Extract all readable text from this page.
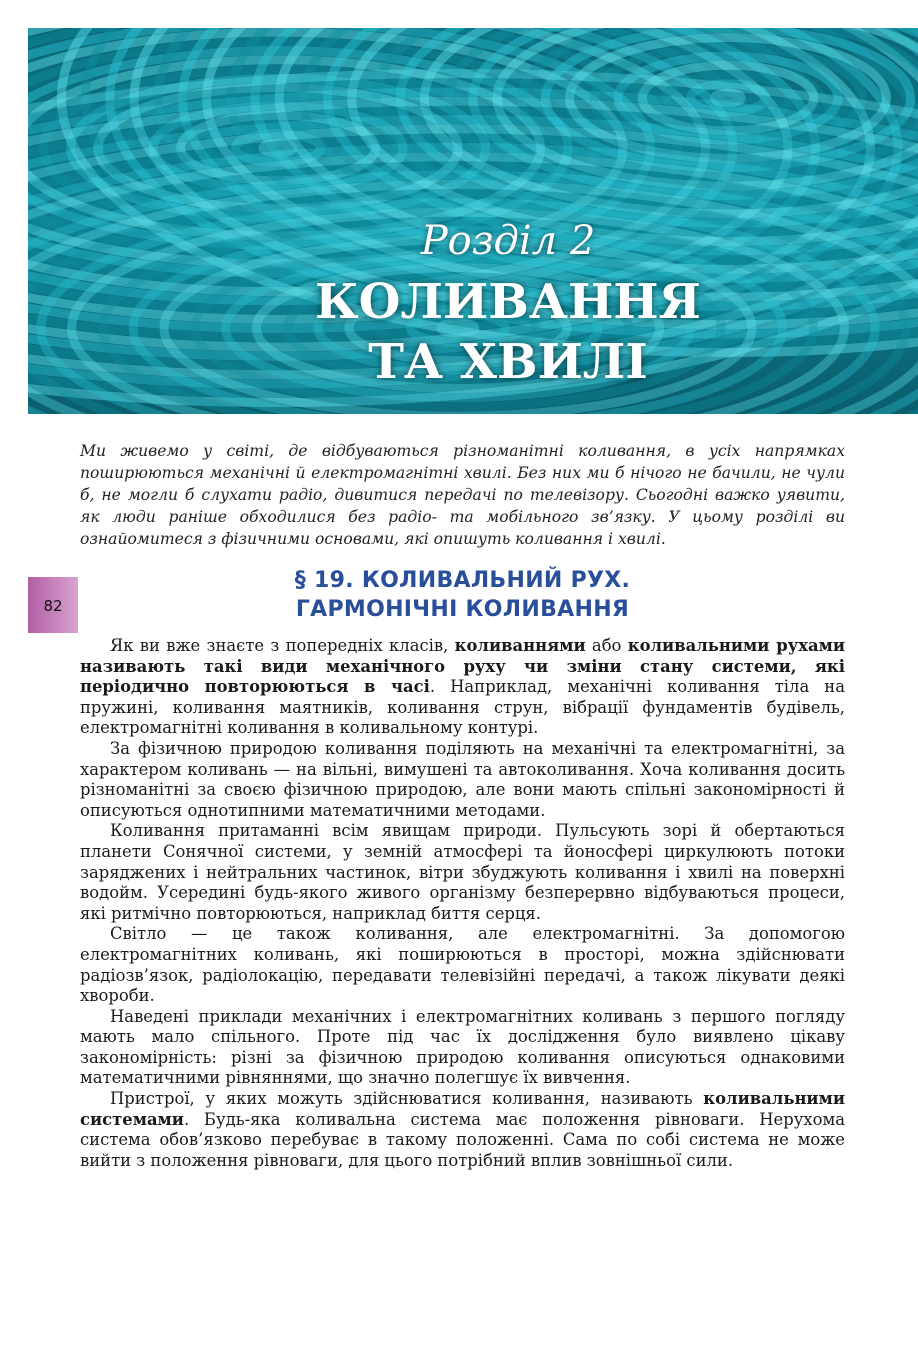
Розділ 2
КОЛИВАННЯ
ТА ХВИЛІ
Ми живемо у світі, де відбуваються різноманітні коливання, в усіх напрямках поширюються механічні й електромагнітні хвилі. Без них ми б нічого не бачили, не чули б, не могли б слухати радіо, дивитися передачі по телевізору. Сьогодні важко уявити, як люди раніше обходилися без радіо- та мобільного зв’язку. У цьому розділі ви ознайомитеся з фізичними основами, які опишуть коливання і хвилі.
82
§ 19. КОЛИВАЛЬНИЙ РУХ.
ГАРМОНІЧНІ КОЛИВАННЯ

Як ви вже знаєте з попередніх класів, коливаннями або коливальними рухами називають такі види механічного руху чи зміни стану системи, які періодично повторюються в часі. Наприклад, механічні коливання тіла на пружині, коливання маятників, коливання струн, вібрації фундаментів будівель, електромагнітні коливання в коливальному контурі.

За фізичною природою коливання поділяють на механічні та електромагнітні, за характером коливань — на вільні, вимушені та автоколивання. Хоча коливання досить різноманітні за своєю фізичною природою, але вони мають спільні закономірності й описуються однотипними математичними методами.

Коливання притаманні всім явищам природи. Пульсують зорі й обертаються планети Сонячної системи, у земній атмосфері та йоносфері циркулюють потоки заряджених і нейтральних частинок, вітри збуджують коливання і хвилі на поверхні водойм. Усередині будь-якого живого організму безперервно відбуваються процеси, які ритмічно повторюються, наприклад биття серця.

Світло — це також коливання, але електромагнітні. За допомогою електромагнітних коливань, які поширюються в просторі, можна здійснювати радіозв’язок, радіолокацію, передавати телевізійні передачі, а також лікувати деякі хвороби.

Наведені приклади механічних і електромагнітних коливань з першого погляду мають мало спільного. Проте під час їх дослідження було виявлено цікаву закономірність: різні за фізичною природою коливання описуються однаковими математичними рівняннями, що значно полегшує їх вивчення.

Пристрої, у яких можуть здійснюватися коливання, називають коливальними системами. Будь-яка коливальна система має положення рівноваги. Нерухома система обов’язково перебуває в такому положенні. Сама по собі система не може вийти з положення рівноваги, для цього потрібний вплив зовнішньої сили.
